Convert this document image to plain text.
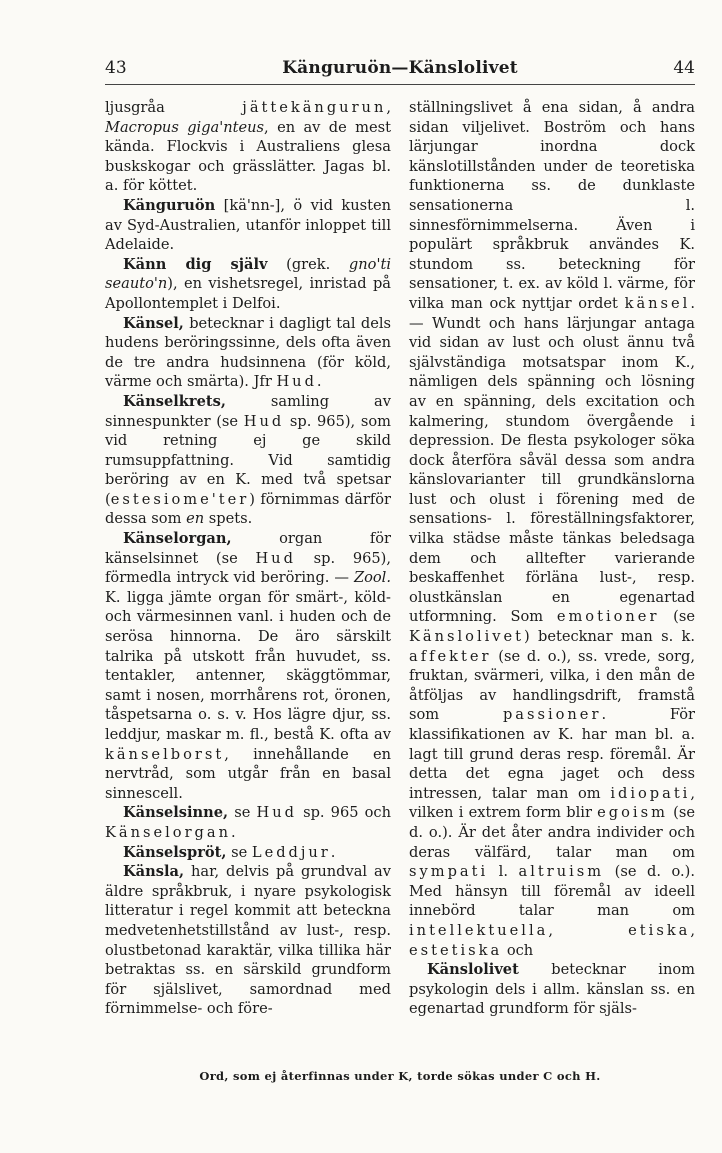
43	Känguruön—Känslolivet	44

ljusgråa jättekängurun, Macropus giga'nteus, en av de mest kända. Flockvis i Australiens glesa buskskogar och grässlätter. Jagas bl. a. för köttet.

Känguruön [kä'nn-], ö vid kusten av Syd-Australien, utanför inloppet till Adelaide.

Känn dig själv (grek. gno'ti seauto'n), en vishetsregel, inristad på Apollontemplet i Delfoi.

Känsel, betecknar i dagligt tal dels hudens beröringssinne, dels ofta även de tre andra hudsinnena (för köld, värme och smärta). Jfr Hud.

Känselkrets, samling av sinnespunkter (se Hud sp. 965), som vid retning ej ge skild rumsuppfattning. Vid samtidig beröring av en K. med två spetsar (estesiome'ter) förnimmas därför dessa som en spets.

Känselorgan, organ för känselsinnet (se Hud sp. 965), förmedla intryck vid beröring. — Zool. K. ligga jämte organ för smärt-, köld- och värmesinnen vanl. i huden och de serösa hinnorna. De äro särskilt talrika på utskott från huvudet, ss. tentakler, antenner, skäggtömmar, samt i nosen, morrhårens rot, öronen, tåspetsarna o. s. v. Hos lägre djur, ss. leddjur, maskar m. fl., bestå K. ofta av känselborst, innehållande en nervtråd, som utgår från en basal sinnescell.

Känselsinne, se Hud sp. 965 och Känselorgan.

Känselspröt, se Leddjur.

Känsla, har, delvis på grundval av äldre språkbruk, i nyare psykologisk litteratur i regel kommit att beteckna medvetenhetstillstånd av lust-, resp. olustbetonad karaktär, vilka tillika här betraktas ss. en särskild grundform för själslivet, samordnad med förnimmelse- och före-

ställningslivet å ena sidan, å andra sidan viljelivet. Boström och hans lärjungar inordna dock känslotillstånden under de teoretiska funktionerna ss. de dunklaste sensationerna l. sinnesförnimmelserna. Även i populärt språkbruk användes K. stundom ss. beteckning för sensationer, t. ex. av köld l. värme, för vilka man ock nyttjar ordet känsel. — Wundt och hans lärjungar antaga vid sidan av lust och olust ännu två självständiga motsatspar inom K., nämligen dels spänning och lösning av en spänning, dels excitation och kalmering, stundom övergående i depression. De flesta psykologer söka dock återföra såväl dessa som andra känslovarianter till grundkänslorna lust och olust i förening med de sensations- l. föreställningsfaktorer, vilka städse måste tänkas beledsaga dem och alltefter varierande beskaffenhet förläna lust-, resp. olustkänslan en egenartad utformning. Som emotioner (se Känslolivet) betecknar man s. k. affekter (se d. o.), ss. vrede, sorg, fruktan, svärmeri, vilka, i den mån de åtföljas av handlingsdrift, framstå som passioner. För klassifikationen av K. har man bl. a. lagt till grund deras resp. föremål. Är detta det egna jaget och dess intressen, talar man om idiopati, vilken i extrem form blir egoism (se d. o.). Är det åter andra individer och deras välfärd, talar man om sympati l. altruism (se d. o.). Med hänsyn till föremål av ideell innebörd talar man om intellektuella, etiska, estetiska och

Känslolivet betecknar inom psykologin dels i allm. känslan ss. en egenartad grundform för själs-

Ord, som ej återfinnas under K, torde sökas under C och H.
